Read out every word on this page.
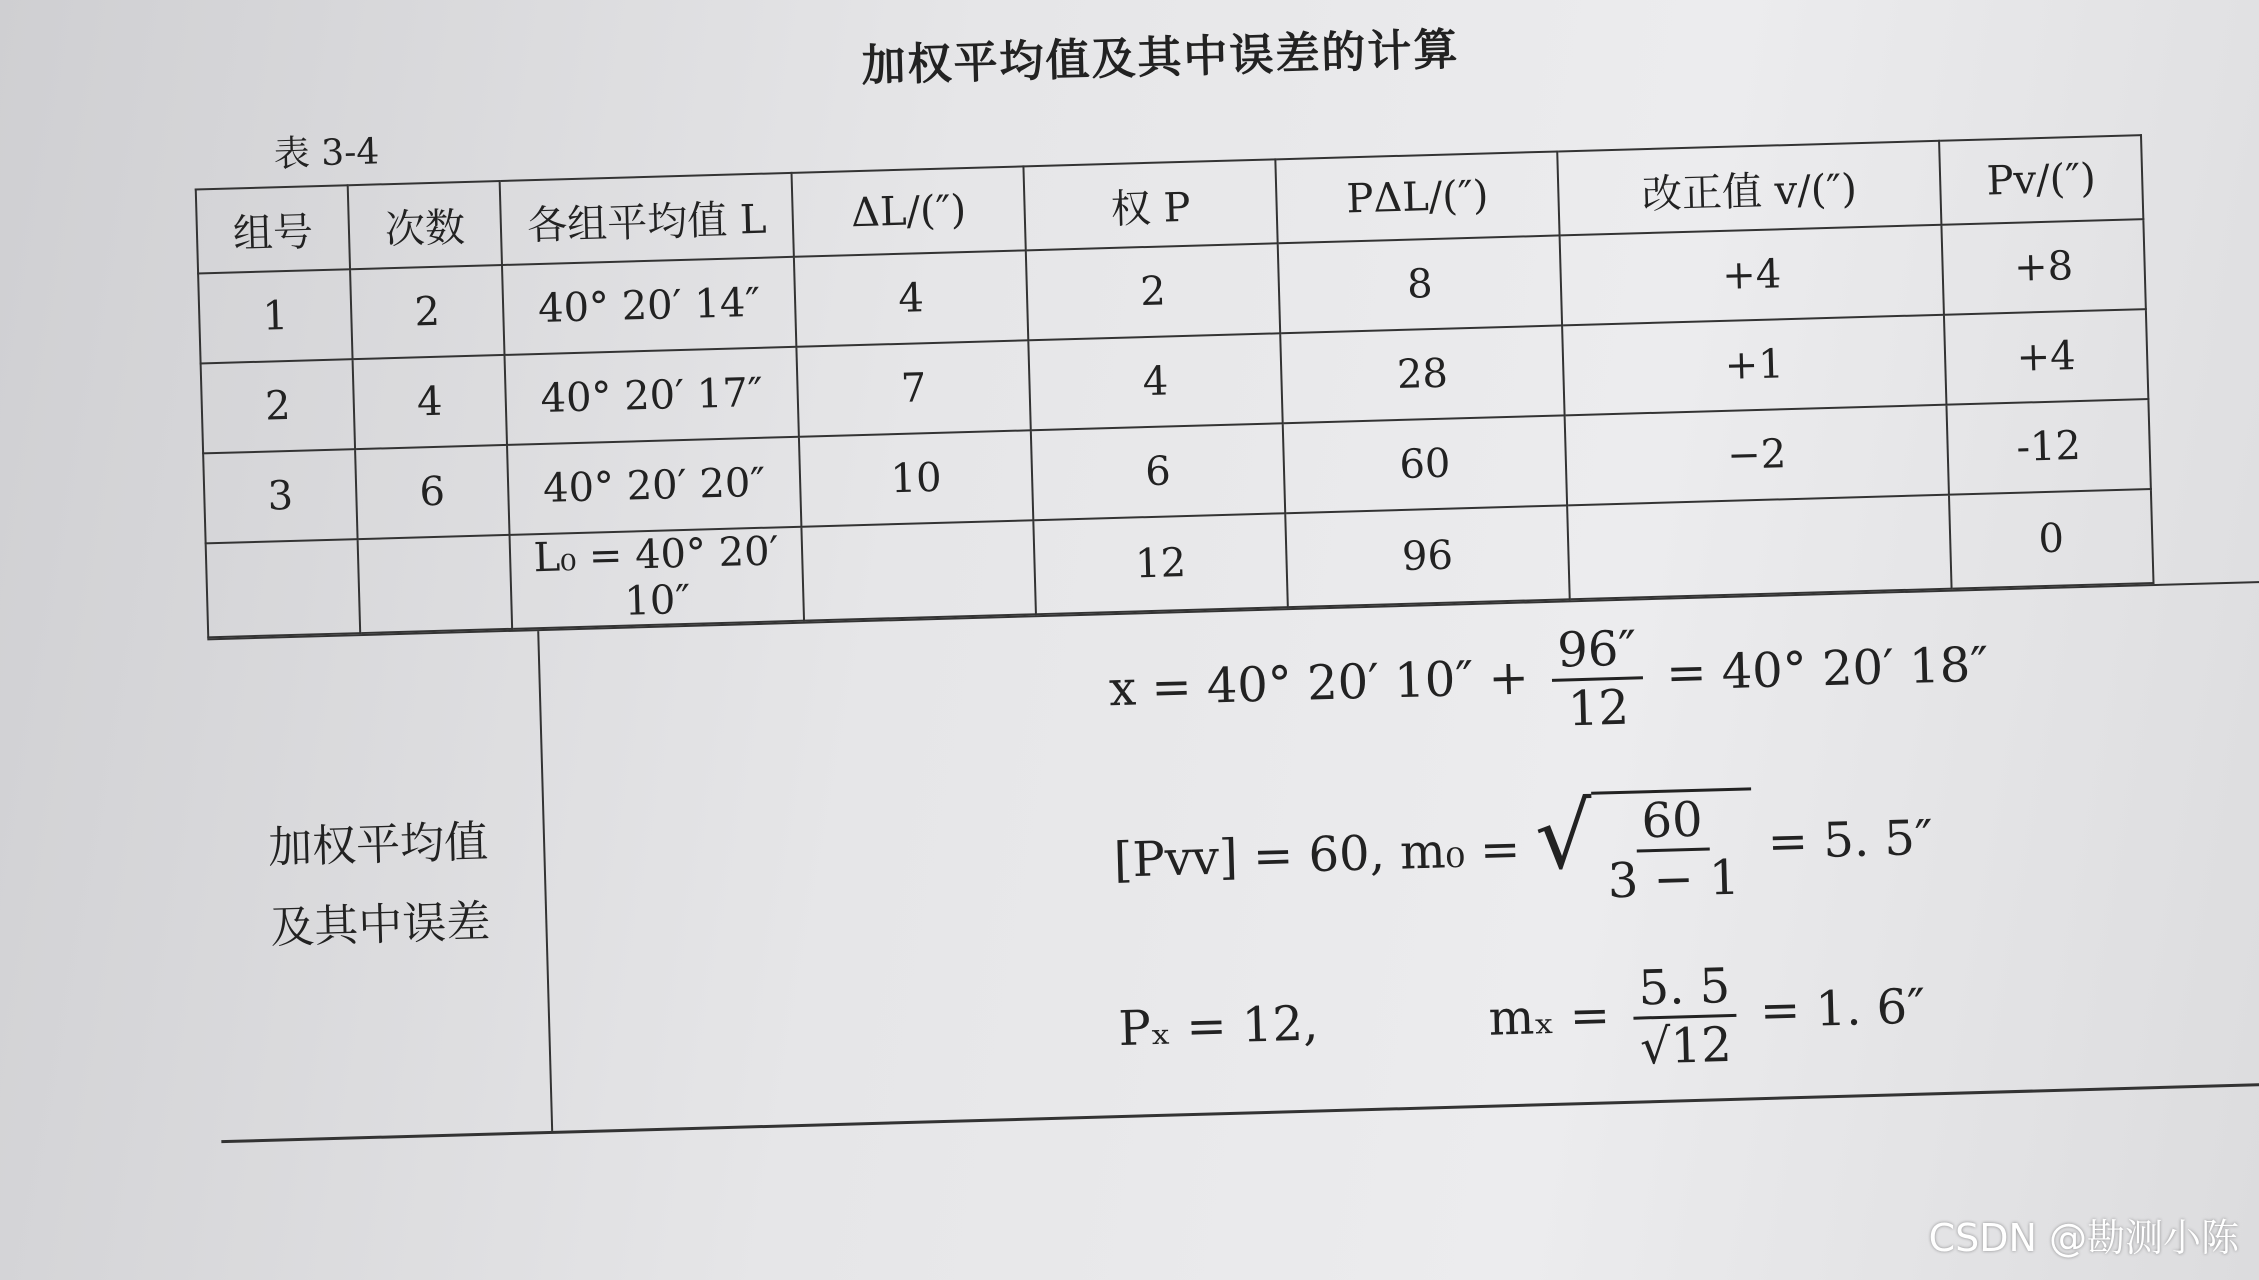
加权平均值及其中误差的计算
表 3-4
组号	次数	各组平均值 L	ΔL/(″)	权 P	PΔL/(″)	改正值 v/(″)	Pv/(″)
1	2	40° 20′ 14″	4	2	8	+4	+8
2	4	40° 20′ 17″	7	4	28	+1	+4
3	6	40° 20′ 20″	10	6	60	−2	-12
		L₀ = 40° 20′ 10″		12	96		0
加权平均值
及其中误差
x = 40° 20′ $10'' + \frac{96''}{12} = 40^\circ$ 20′ 18″
[Pvv] = 60, m₀ = √ $\frac{60}{3 - 1} = 5$. 5″
Pₓ = 12,	$m_x = \frac{5. 5}{√12} = 1$. 6″
CSDN @勘测小陈
